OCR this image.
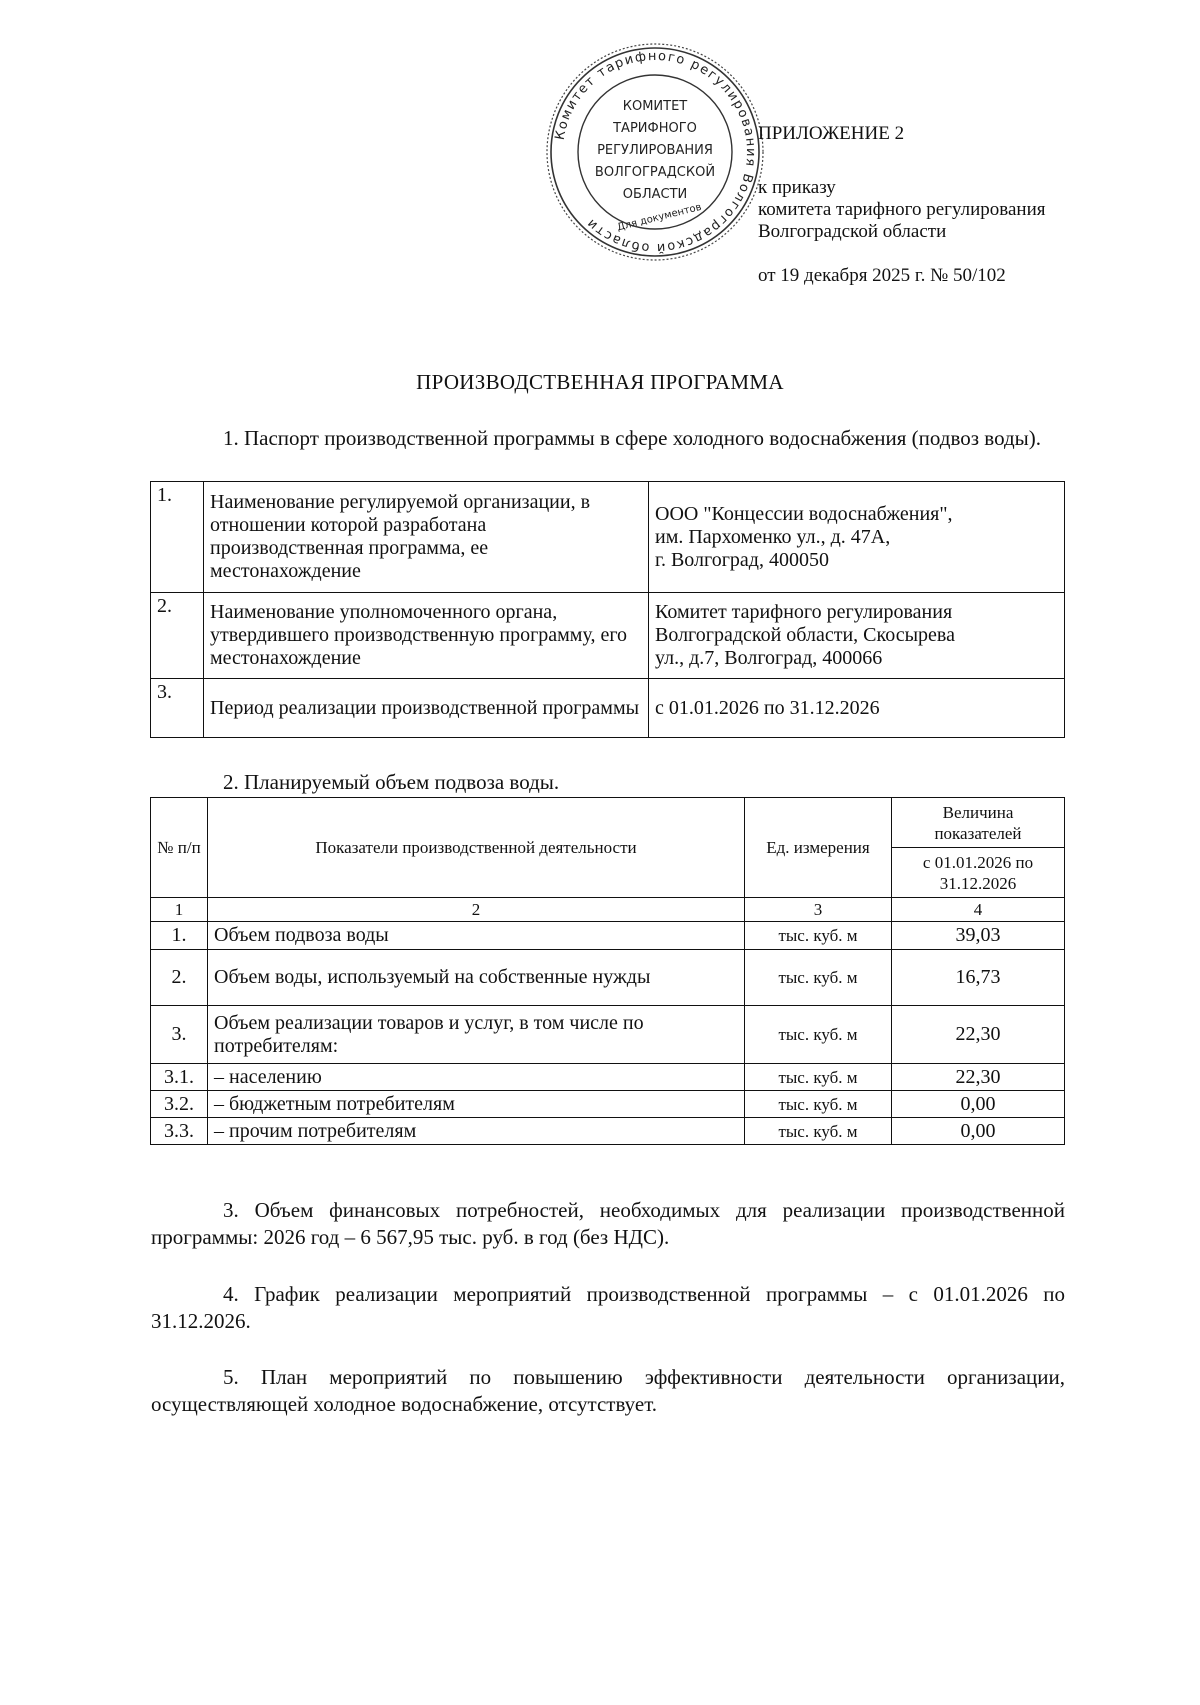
Комитет тарифного регулирования Волгоградской области
КОМИТЕТ
ТАРИФНОГО
РЕГУЛИРОВАНИЯ
ВОЛГОГРАДСКОЙ
ОБЛАСТИ
Для документов
ПРИЛОЖЕНИЕ 2
к приказу
комитета тарифного регулирования
Волгоградской области
от 19 декабря 2025 г. № 50/102
ПРОИЗВОДСТВЕННАЯ ПРОГРАММА
1. Паспорт производственной программы в сфере холодного водоснабжения (подвоз воды).
1.	Наименование регулируемой организации, в отношении которой разработана производственная программа, ее местонахождение	ООО "Концессии водоснабжения",
им. Пархоменко ул., д. 47А,
г. Волгоград, 400050

2.	Наименование уполномоченного органа, утвердившего производственную программу, его местонахождение	Комитет тарифного регулирования
Волгоградской области, Скосырева
ул., д.7, Волгоград, 400066

3.	Период реализации производственной программы	с 01.01.2026 по 31.12.2026
2. Планируемый объем подвоза воды.
№ п/п	Показатели производственной деятельности	Ед. измерения	Величина показателей
			с 01.01.2026 по 31.12.2026
1	2	3	4
1.	Объем подвоза воды	тыс. куб. м	39,03
2.	Объем воды, используемый на собственные нужды	тыс. куб. м	16,73
3.	Объем реализации товаров и услуг, в том числе по потребителям:	тыс. куб. м	22,30
3.1.	– населению	тыс. куб. м	22,30
3.2.	– бюджетным потребителям	тыс. куб. м	0,00
3.3.	– прочим потребителям	тыс. куб. м	0,00
3. Объем финансовых потребностей, необходимых для реализации производственной программы: 2026 год – 6 567,95 тыс. руб. в год (без НДС).
4. График реализации мероприятий производственной программы – с 01.01.2026 по 31.12.2026.
5. План мероприятий по повышению эффективности деятельности организации, осуществляющей холодное водоснабжение, отсутствует.
